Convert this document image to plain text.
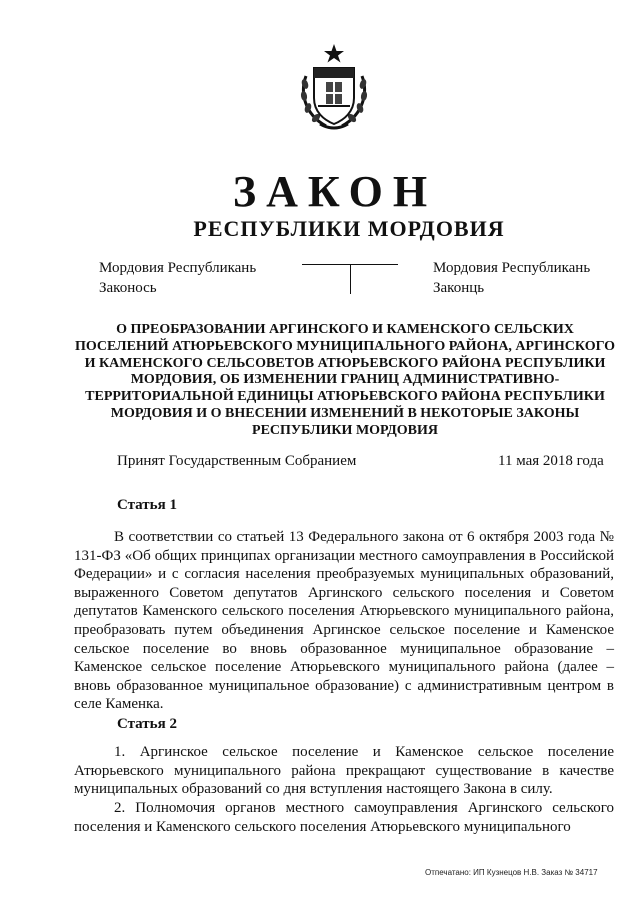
ЗАКОН
РЕСПУБЛИКИ МОРДОВИЯ
Мордовия Республикань
Законось
Мордовия Республикань
Законць
О ПРЕОБРАЗОВАНИИ АРГИНСКОГО И КАМЕНСКОГО СЕЛЬСКИХ ПОСЕЛЕНИЙ АТЮРЬЕВСКОГО МУНИЦИПАЛЬНОГО РАЙОНА, АРГИНСКОГО И КАМЕНСКОГО СЕЛЬСОВЕТОВ АТЮРЬЕВСКОГО РАЙОНА РЕСПУБЛИКИ МОРДОВИЯ, ОБ ИЗМЕНЕНИИ ГРАНИЦ АДМИНИСТРАТИВНО-ТЕРРИТОРИАЛЬНОЙ ЕДИНИЦЫ АТЮРЬЕВСКОГО РАЙОНА РЕСПУБЛИКИ МОРДОВИЯ И О ВНЕСЕНИИ ИЗМЕНЕНИЙ В НЕКОТОРЫЕ ЗАКОНЫ РЕСПУБЛИКИ МОРДОВИЯ
Принят Государственным Собранием	11 мая 2018 года
Статья 1

В соответствии со статьей 13 Федерального закона от 6 октября 2003 года № 131-ФЗ «Об общих принципах организации местного самоуправления в Российской Федерации» и с согласия населения преобразуемых муниципальных образований, выраженного Советом депутатов Аргинского сельского поселения и Советом депутатов Каменского сельского поселения Атюрьевского муниципального района, преобразовать путем объединения Аргинское сельское поселение и Каменское сельское поселение во вновь образованное муниципальное образование – Каменское сельское поселение Атюрьевского муниципального района (далее – вновь образованное муниципальное образование) с административным центром в селе Каменка.

Статья 2

1. Аргинское сельское поселение и Каменское сельское поселение Атюрьевского муниципального района прекращают существование в качестве муниципальных образований со дня вступления настоящего Закона в силу.

2. Полномочия органов местного самоуправления Аргинского сельского поселения и Каменского сельского поселения Атюрьевского муниципального

Отпечатано: ИП Кузнецов Н.В. Заказ № 34717
